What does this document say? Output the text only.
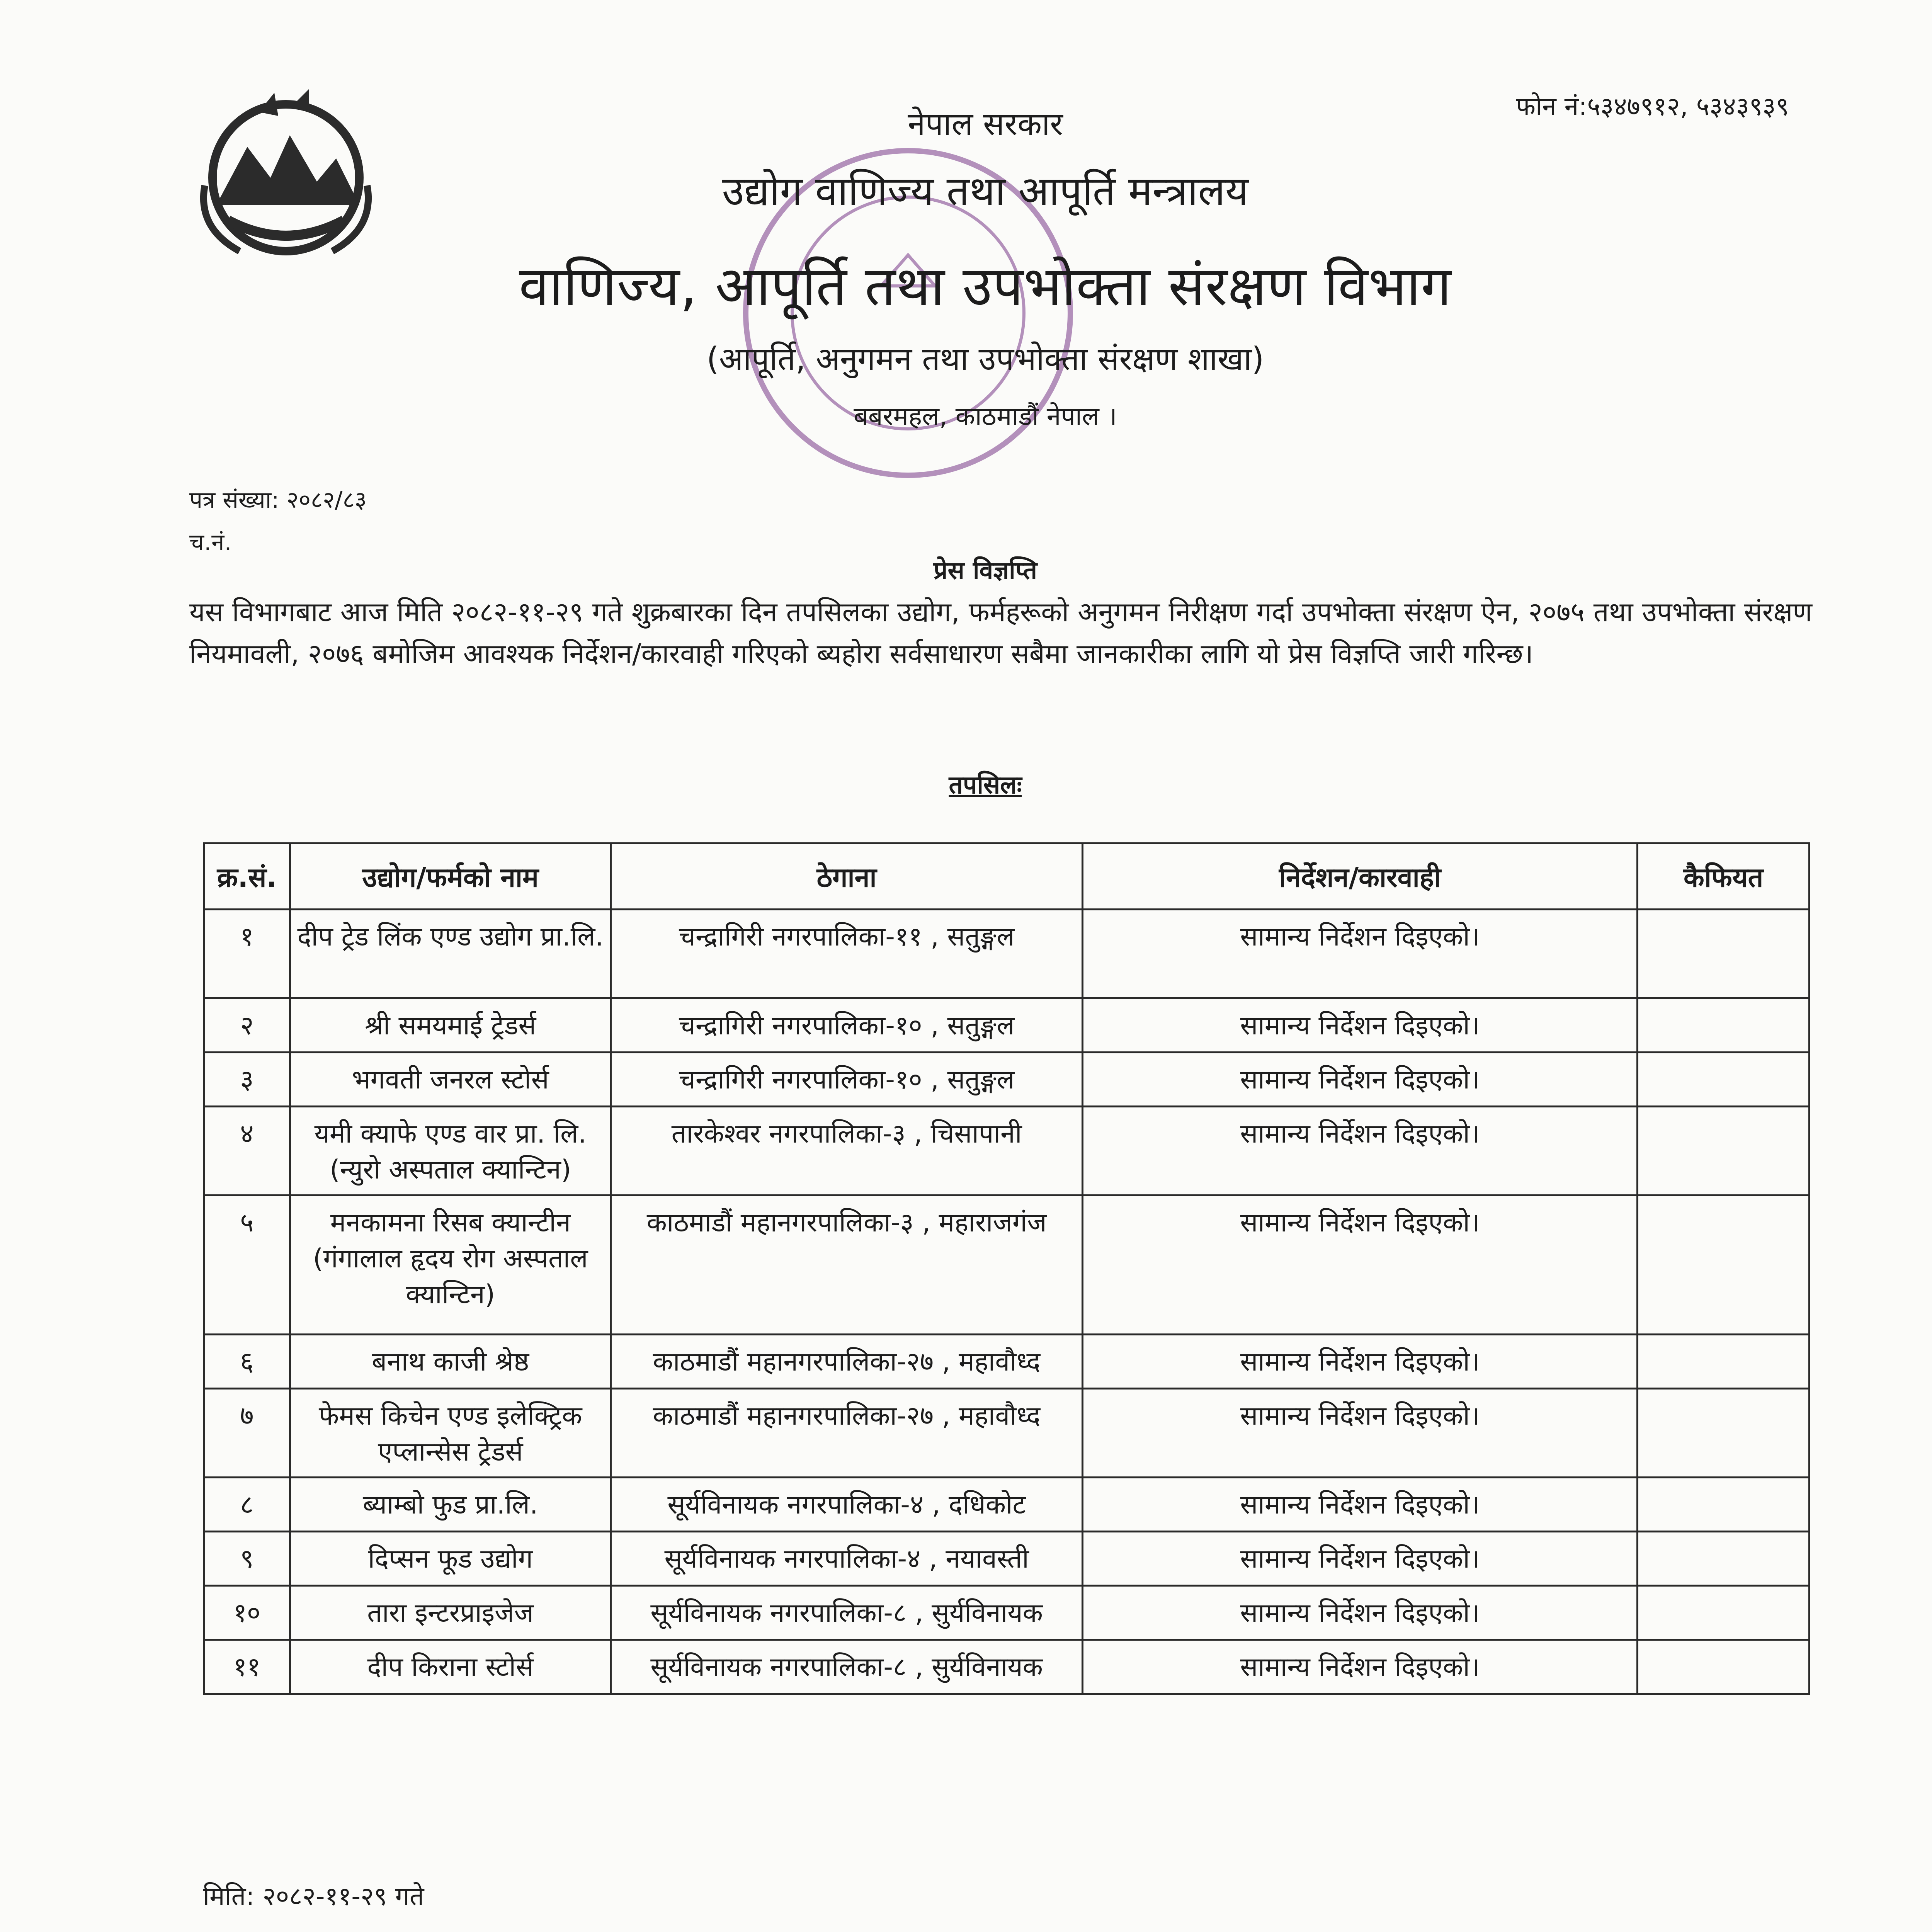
फोन नं:५३४७९१२, ५३४३९३९
नेपाल सरकार
उद्योग वाणिज्य तथा आपूर्ति मन्त्रालय
वाणिज्य, आपूर्ति तथा उपभोक्ता संरक्षण विभाग
(आपूर्ति, अनुगमन तथा उपभोक्ता संरक्षण शाखा)
बबरमहल, काठमाडौं नेपाल ।
पत्र संख्या: २०८२/८३
च.नं.
प्रेस विज्ञप्ति
यस विभागबाट आज मिति २०८२-११-२९ गते शुक्रबारका दिन तपसिलका उद्योग, फर्महरूको अनुगमन निरीक्षण गर्दा उपभोक्ता संरक्षण ऐन, २०७५ तथा उपभोक्ता संरक्षण नियमावली, २०७६ बमोजिम आवश्यक निर्देशन/कारवाही गरिएको ब्यहोरा सर्वसाधारण सबैमा जानकारीका लागि यो प्रेस विज्ञप्ति जारी गरिन्छ।
तपसिलः
क्र.सं.	उद्योग/फर्मको नाम	ठेगाना	निर्देशन/कारवाही	कैफियत
१	दीप ट्रेड लिंक एण्ड उद्योग प्रा.लि.	चन्द्रागिरी नगरपालिका-११ , सतुङ्गल	सामान्य निर्देशन दिइएको।	
२	श्री समयमाई ट्रेडर्स	चन्द्रागिरी नगरपालिका-१० , सतुङ्गल	सामान्य निर्देशन दिइएको।	
३	भगवती जनरल स्टोर्स	चन्द्रागिरी नगरपालिका-१० , सतुङ्गल	सामान्य निर्देशन दिइएको।	
४	यमी क्याफे एण्ड वार प्रा. लि. (न्युरो अस्पताल क्यान्टिन)	तारकेश्वर नगरपालिका-३ , चिसापानी	सामान्य निर्देशन दिइएको।	
५	मनकामना रिसब क्यान्टीन (गंगालाल हृदय रोग अस्पताल क्यान्टिन)	काठमाडौं महानगरपालिका-३ , महाराजगंज	सामान्य निर्देशन दिइएको।	
६	बनाथ काजी श्रेष्ठ	काठमाडौं महानगरपालिका-२७ , महावौध्द	सामान्य निर्देशन दिइएको।	
७	फेमस किचेन एण्ड इलेक्ट्रिक एप्लान्सेस ट्रेडर्स	काठमाडौं महानगरपालिका-२७ , महावौध्द	सामान्य निर्देशन दिइएको।	
८	ब्याम्बो फुड प्रा.लि.	सूर्यविनायक नगरपालिका-४ , दधिकोट	सामान्य निर्देशन दिइएको।	
९	दिप्सन फूड उद्योग	सूर्यविनायक नगरपालिका-४ , नयावस्ती	सामान्य निर्देशन दिइएको।	
१०	तारा इन्टरप्राइजेज	सूर्यविनायक नगरपालिका-८ , सुर्यविनायक	सामान्य निर्देशन दिइएको।	
११	दीप किराना स्टोर्स	सूर्यविनायक नगरपालिका-८ , सुर्यविनायक	सामान्य निर्देशन दिइएको।	
मिति: २०८२-११-२९ गते
